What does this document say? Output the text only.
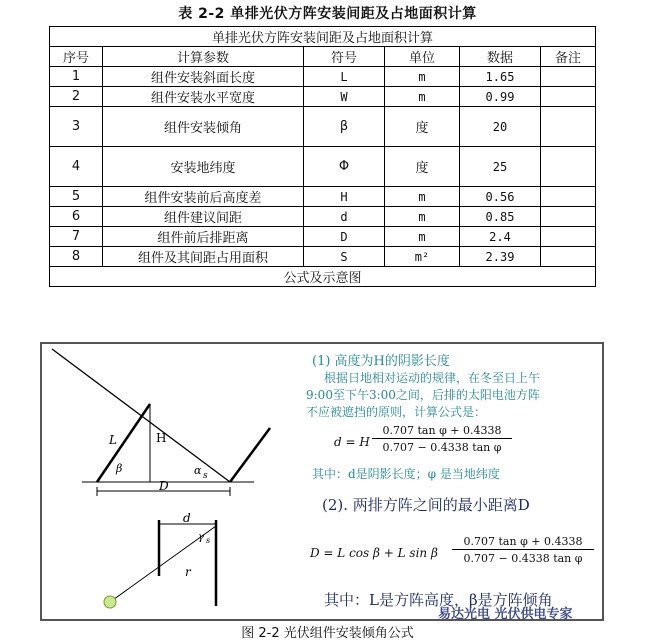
表 2-2 单排光伏方阵安装间距及占地面积计算
单排光伏方阵安装间距及占地面积计算					
序号	计算参数	符号	单位	数据	备注
1	组件安装斜面长度	L	m	1.65	
2	组件安装水平宽度	W	m	0.99	
3	组件安装倾角	β	度	20	
4	安装地纬度	Φ	度	25	
5	组件安装前后高度差	H	m	0.56	
6	组件建议间距	d	m	0.85	
7	组件前后排距离	D	m	2.4	
8	组件及其间距占用面积	S	m²	2.39	
公式及示意图					
L	H
β	α s
D
d
γ s
r
(1) 高度为H的阴影长度
根据日地相对运动的规律，在冬至日上午
9:00至下午3:00之间，后排的太阳电池方阵
不应被遮挡的原则，计算公式是：
d = H
0.707 tan φ + 0.4338
0.707 − 0.4338 tan φ
其中：d是阴影长度；φ 是当地纬度
(2). 两排方阵之间的最小距离D
D = L cos β + L sin β
0.707 tan φ + 0.4338
0.707 − 0.4338 tan φ
其中：L是方阵高度，β是方阵倾角
易达光电 光伏供电专家
图 2-2 光伏组件安装倾角公式
